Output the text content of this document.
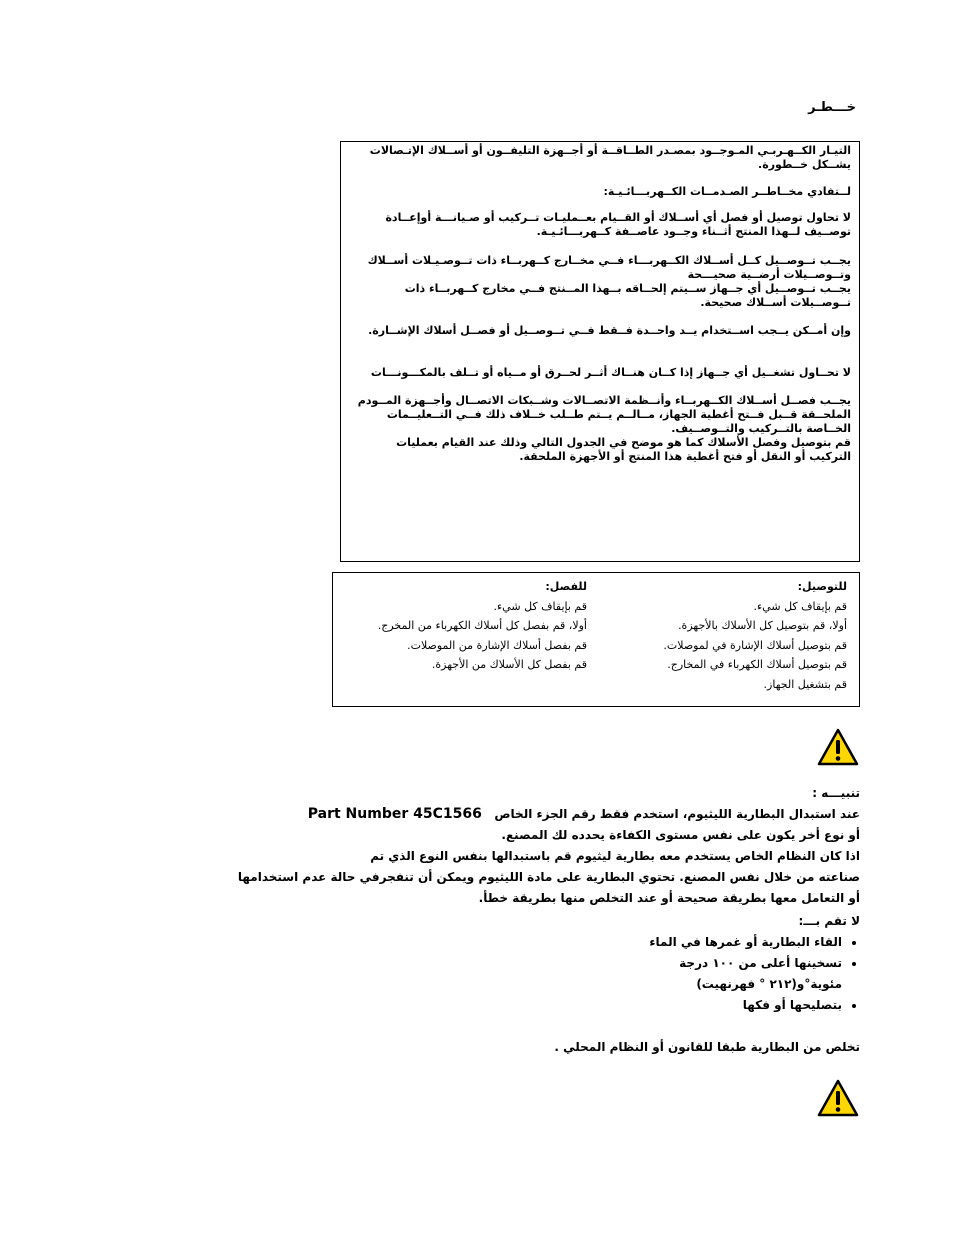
خـــطـر
التيـار الكــهـربـي المـوجــود بمصـدر الطــاقــة أو أجــهزة التليفــون أو أســلاك الإتـصالات يشــكل خــطورة.
لــتفادي مخــاطــر الصـدمــات الكــهربـــائـيـة:
لا تحاول توصيل أو فصل أي أســلاك أو القــيام بعــمليـات تــركيب أو صـيانـــة أوإعــادة توصــيف لــهذا المنتج أثــناء وجــود عاصــفة كــهربـــائـيـة.
يجــب تــوصــيل كــل أســلاك الكــهربـــاء فــي مخــارج كــهربــاء ذات تــوصـيـلات أســلاك وتــوصــيلات أرضــية صحيـــحة
يجــب تــوصــيل أي جــهاز ســيتم إلحــاقه بــهذا المــنتج فــي مخارج كــهربــاء ذات تــوصــيلات أســلاك صحيحة.
وإن أمــكن يــجب اســتخدام يــد واحــدة فــقط فــي تــوصــيل أو فصــل أسلاك الإشــارة.
لا تحــاول تشغــيل أي جــهاز إذا كــان هنــاك أثــر لحــرق أو مــياه أو تــلف بالمكـــونـــات
يجــب فصــل أســلاك الكــهربــاء وأنــظمة الاتصــالات وشــبكات الاتصــال وأجــهزة المــودم الملحــقة قــبل فــتح أغطية الجهاز، مــالــم يــتم طــلب خــلاف ذلك فــي التــعليــمات الخــاصة بالتــركيب والتــوصــيف.
قم بتوصيل وفصل الأسلاك كما هو موضح في الجدول التالي وذلك عند القيام بعمليات التركيب أو النقل أو فتح أغطية هذا المنتج أو الأجهزة الملحقة.
للتوصيل:
قم بإيقاف كل شيء.
أولا، قم بتوصيل كل الأسلاك بالأجهزة.
قم بتوصيل أسلاك الإشارة في لموصلات.
قم بتوصيل أسلاك الكهرباء في المخارج.
قم بتشغيل الجهاز.
للفصل:
قم بإيقاف كل شيء.
أولا، قم بفصل كل أسلاك الكهرباء من المخرج.
قم بفصل أسلاك الإشارة من الموصلات.
قم بفصل كل الأسلاك من الأجهزة.
تنبيـــه :
عند استبدال البطارية الليثيوم، استخدم فقط رقم الجزء الخاص   Part Number 45C1566
أو نوع أخر يكون على نفس مستوى الكفاءة يحدده لك المصنع.
اذا كان النظام الخاص يستخدم معه بطارية ليثيوم قم باستبدالها بنفس النوع الذي تم
صناعته من خلال نفس المصنع. تحتوي البطارية على مادة الليثيوم ويمكن أن تنفجرفي حالة عدم استخدامها
أو التعامل معها بطريقة صحيحة أو عند التخلص منها بطريقة خطأ.
لا تقم بـــ:
• القاء البطارية أو غمرها في الماء
• تسخينها أعلى من ١٠٠ درجة مئوية°و(٢١٢ ° فهرنهيت)
• بتصليحها أو فكها
تخلص من البطارية طبقا للقانون أو النظام المحلي .
